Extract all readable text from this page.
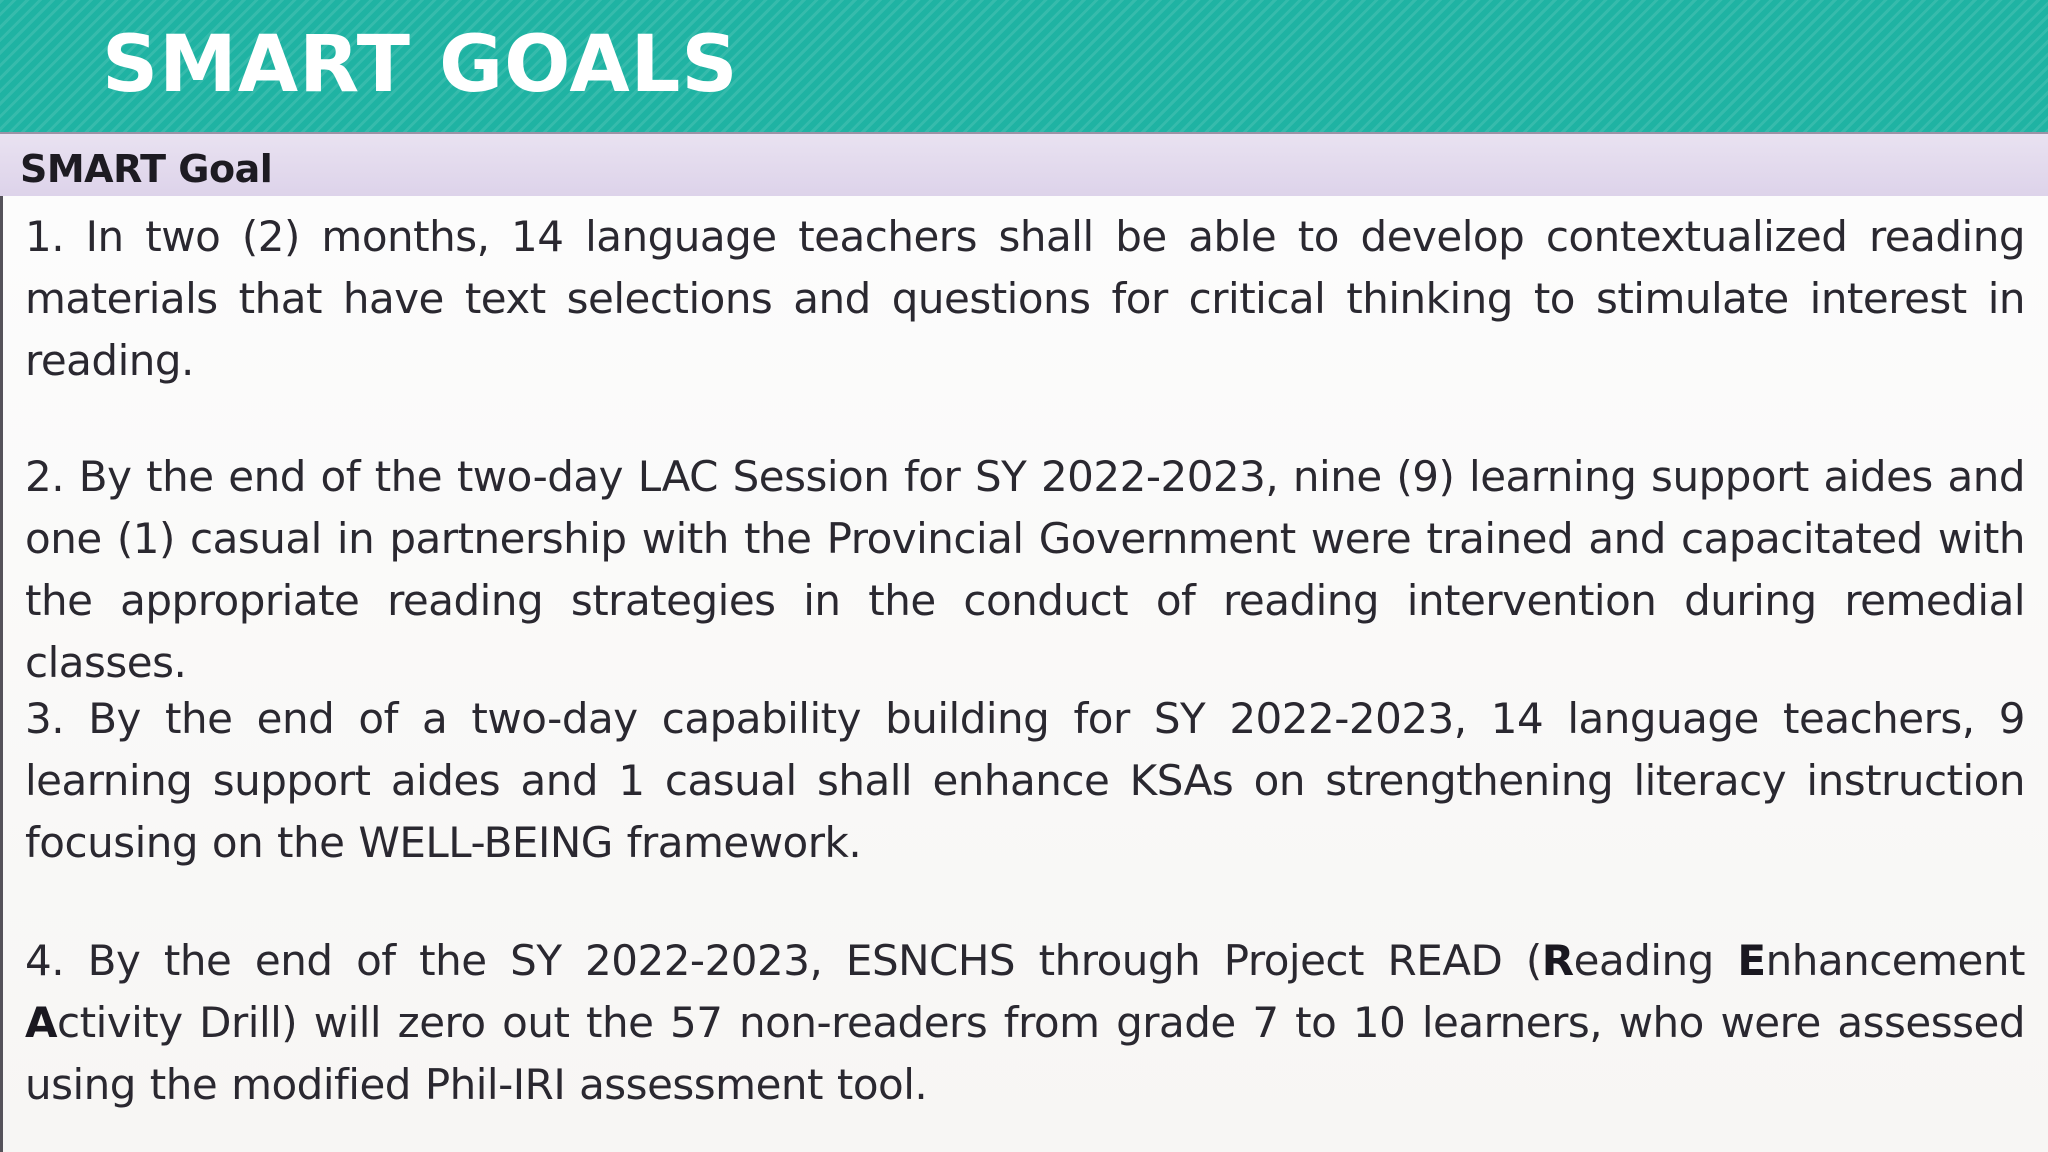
SMART GOALS

SMART Goal

1. In two (2) months, 14 language teachers shall be able to develop contextualized reading materials that have text selections and questions for critical thinking to stimulate interest in reading.

2. By the end of the two-day LAC Session for SY 2022-2023, nine (9) learning support aides and one (1) casual in partnership with the Provincial Government were trained and capacitated with the appropriate reading strategies in the conduct of reading intervention during remedial classes.

3. By the end of a two-day capability building for SY 2022-2023, 14 language teachers, 9 learning support aides and 1 casual shall enhance KSAs on strengthening literacy instruction focusing on the WELL-BEING framework.

4. By the end of the SY 2022-2023, ESNCHS through Project READ (Reading Enhancement Activity Drill) will zero out the 57 non-readers from grade 7 to 10 learners, who were assessed using the modified Phil-IRI assessment tool.
